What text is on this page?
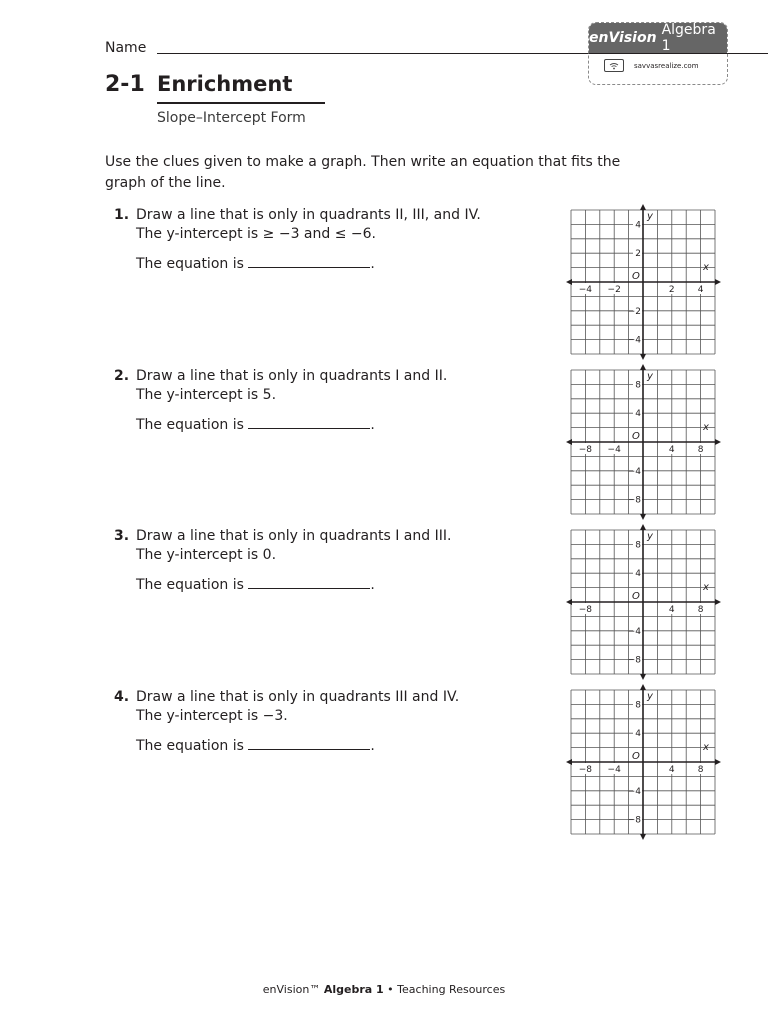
Name
enVision Algebra 1
savvasrealize.com
2-1 Enrichment
Slope–Intercept Form
Use the clues given to make a graph. Then write an equation that fits the graph of the line.
1. Draw a line that is only in quadrants II, III, and IV.
The y-intercept is ≥ −3 and ≤ −6.
The equation is	.
2. Draw a line that is only in quadrants I and II.
The y-intercept is 5.
The equation is	.
3. Draw a line that is only in quadrants I and III.
The y-intercept is 0.
The equation is	.
4. Draw a line that is only in quadrants III and IV.
The y-intercept is −3.
The equation is	.
x
y
O
−4 −2	2	4
4
2
−2
−4
x
y
O
−8 −4	4	8
8
4
−4
−8
x
y
O
−8	4	8
8
4
−4
−8
x
y
O
−8 −4	4	8
8
4
−4
−8
enVision™ Algebra 1 • Teaching Resources
